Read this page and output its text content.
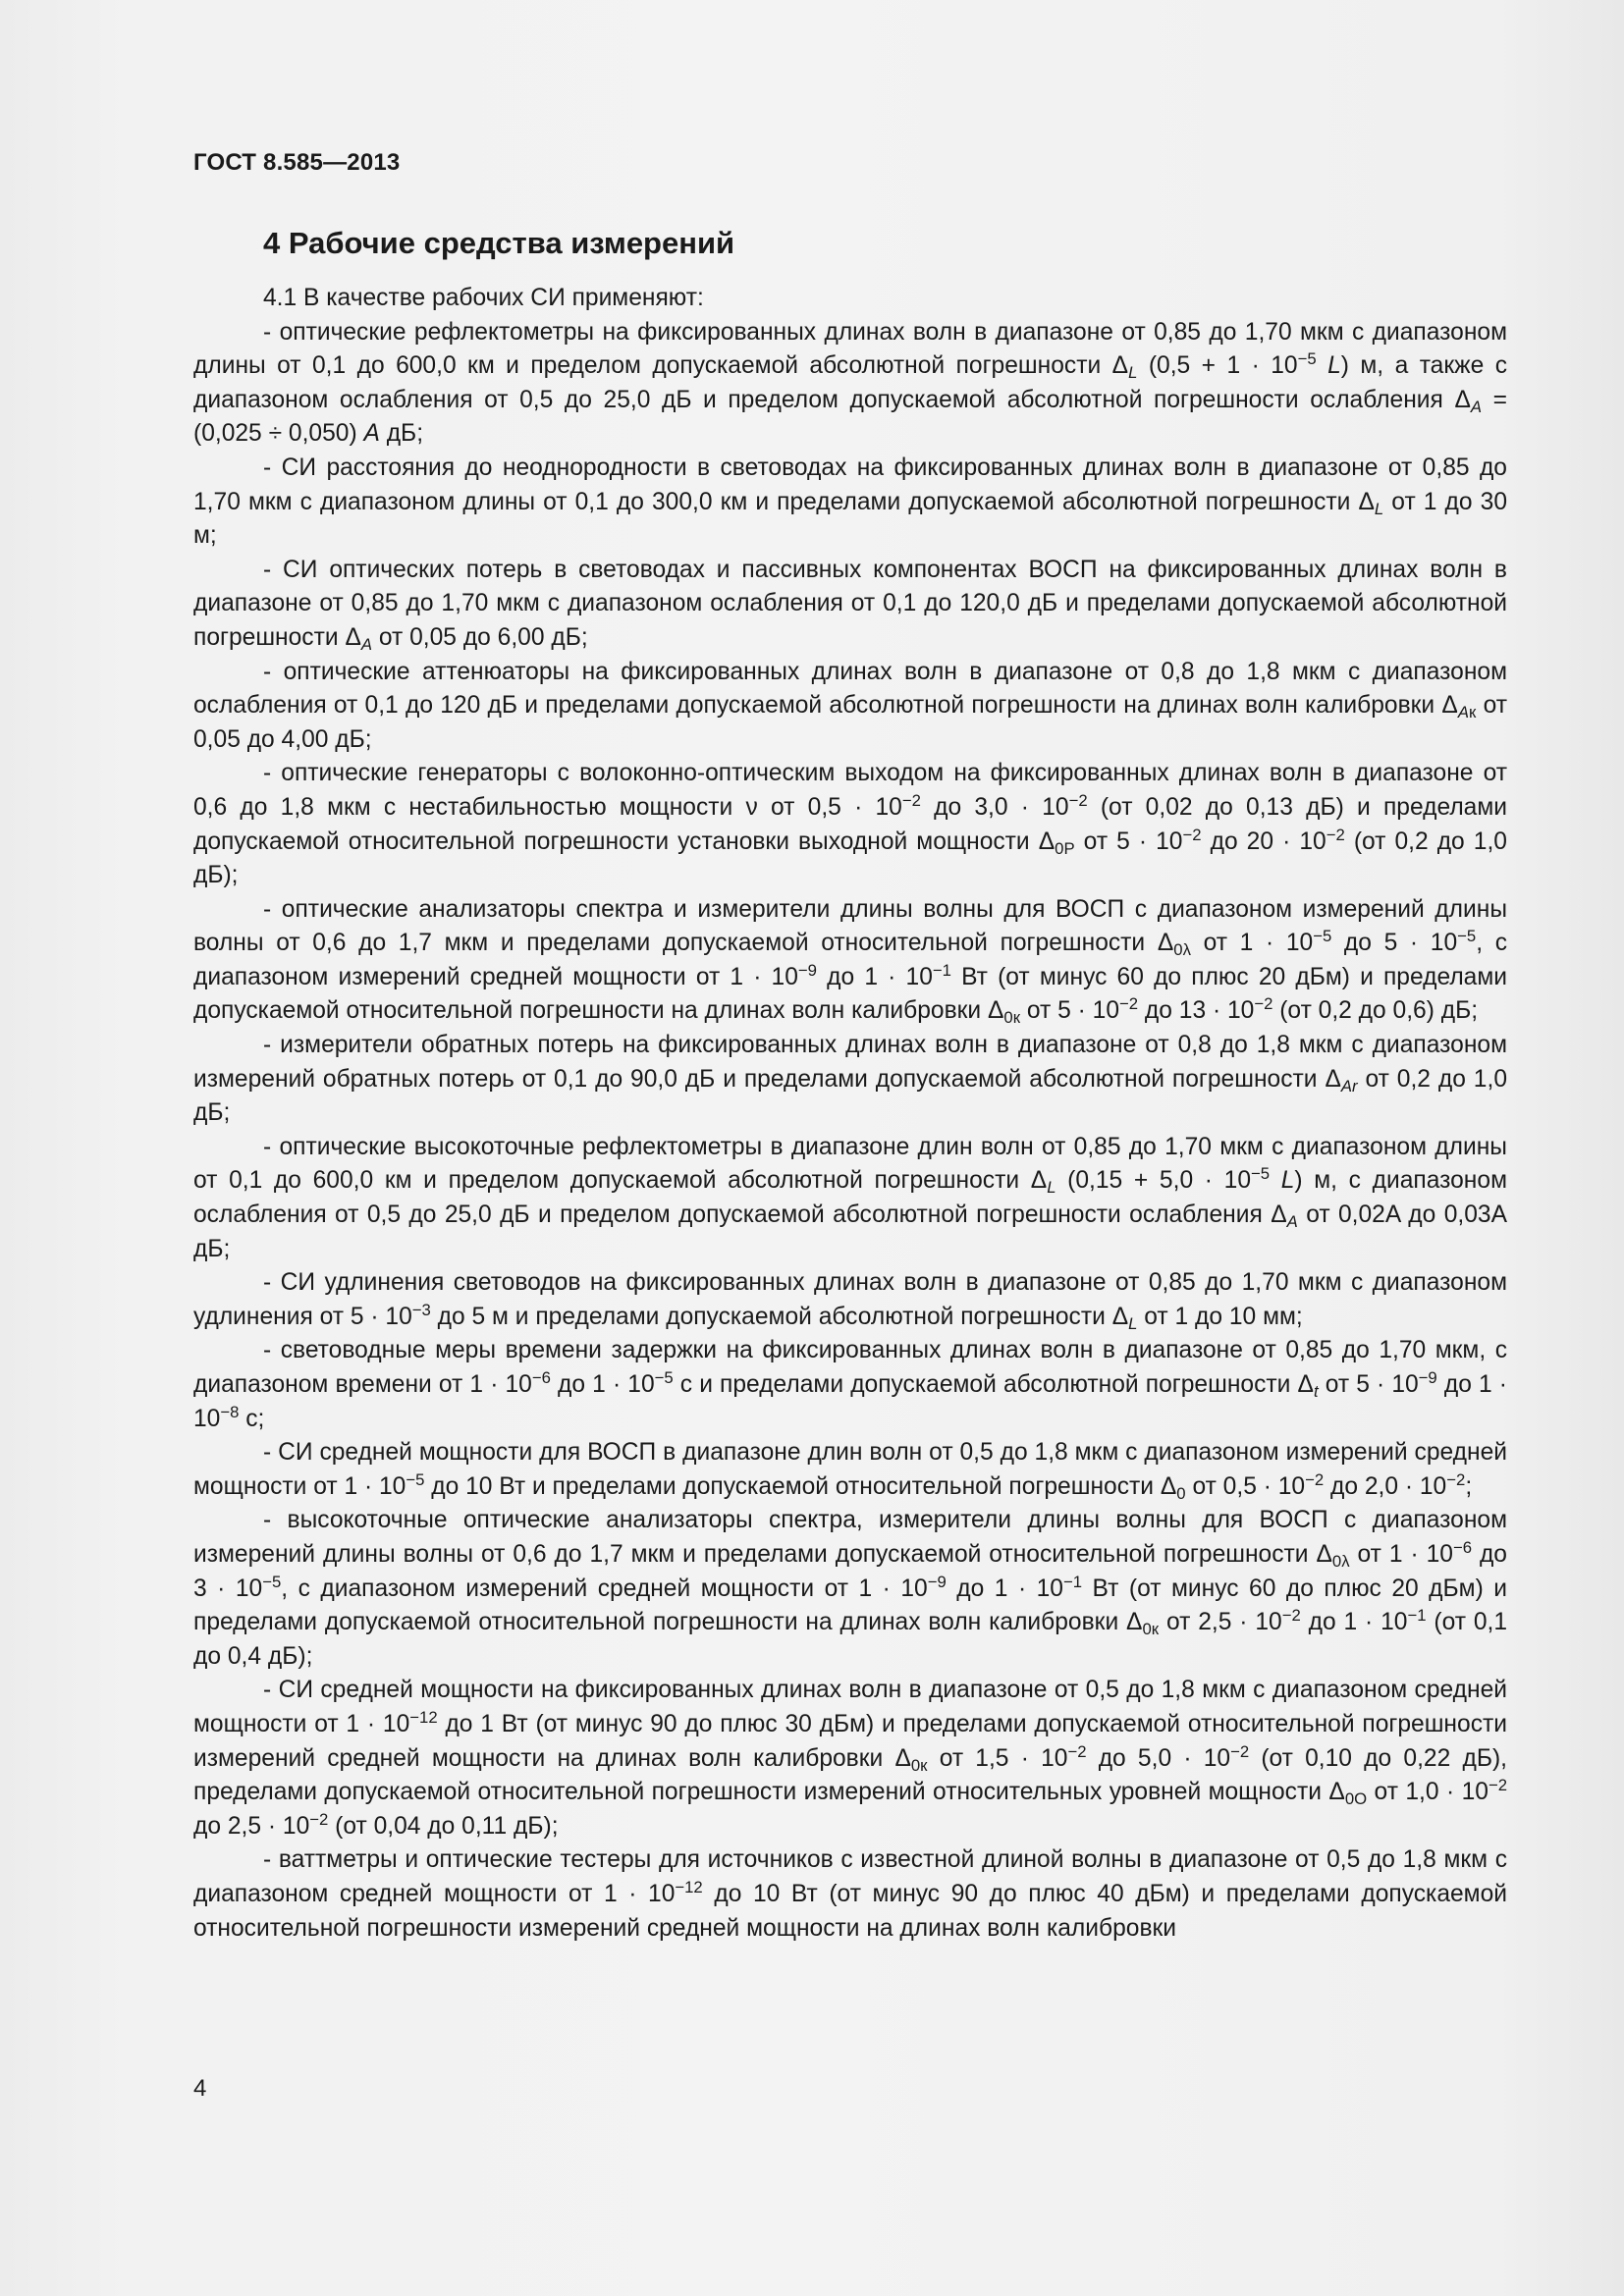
ГОСТ 8.585—2013
4 Рабочие средства измерений

4.1 В качестве рабочих СИ применяют:

- оптические рефлектометры на фиксированных длинах волн в диапазоне от 0,85 до 1,70 мкм с диапазоном длины от 0,1 до 600,0 км и пределом допускаемой абсолютной погрешности $\Delta_L$ ($0,5 + 1 \cdot 10^{-5}$ L) м, а также с диапазоном ослабления от 0,5 до 25,0 дБ и пределом допускаемой абсолютной погрешности ослабления $\Delta_A = (0,025 \div 0,050)$ A дБ;

- СИ расстояния до неоднородности в световодах на фиксированных длинах волн в диапазоне от 0,85 до 1,70 мкм с диапазоном длины от 0,1 до 300,0 км и пределами допускаемой абсолютной погрешности $\Delta_L$ от 1 до 30 м;

- СИ оптических потерь в световодах и пассивных компонентах ВОСП на фиксированных длинах волн в диапазоне от 0,85 до 1,70 мкм с диапазоном ослабления от 0,1 до 120,0 дБ и пределами допускаемой абсолютной погрешности $\Delta_A$ от 0,05 до 6,00 дБ;

- оптические аттенюаторы на фиксированных длинах волн в диапазоне от 0,8 до 1,8 мкм с диапазоном ослабления от 0,1 до 120 дБ и пределами допускаемой абсолютной погрешности на длинах волн калибровки $\Delta_{Aк}$ от 0,05 до 4,00 дБ;

- оптические генераторы с волоконно-оптическим выходом на фиксированных длинах волн в диапазоне от 0,6 до 1,8 мкм с нестабильностью мощности ν от $0,5 \cdot 10^{-2}$ до $3,0 \cdot 10^{-2}$ (от 0,02 до 0,13 дБ) и пределами допускаемой относительной погрешности установки выходной мощности $\Delta_{0P}$ от $5 \cdot 10^{-2}$ до $20 \cdot 10^{-2}$ (от 0,2 до 1,0 дБ);

- оптические анализаторы спектра и измерители длины волны для ВОСП с диапазоном измерений длины волны от 0,6 до 1,7 мкм и пределами допускаемой относительной погрешности $\Delta_{0\lambda}$ от $1 \cdot 10^{-5}$ до $5 \cdot 10^{-5}$, с диапазоном измерений средней мощности от $1 \cdot 10^{-9}$ до $1 \cdot 10^{-1}$ Вт (от минус 60 до плюс 20 дБм) и пределами допускаемой относительной погрешности на длинах волн калибровки $\Delta_{0к}$ от $5 \cdot 10^{-2}$ до $13 \cdot 10^{-2}$ (от 0,2 до 0,6) дБ;

- измерители обратных потерь на фиксированных длинах волн в диапазоне от 0,8 до 1,8 мкм с диапазоном измерений обратных потерь от 0,1 до 90,0 дБ и пределами допускаемой абсолютной погрешности $\Delta_{Ar}$ от 0,2 до 1,0 дБ;

- оптические высокоточные рефлектометры в диапазоне длин волн от 0,85 до 1,70 мкм с диапазоном длины от 0,1 до 600,0 км и пределом допускаемой абсолютной погрешности $\Delta_L$ ($0,15 + 5,0 \cdot 10^{-5}$ L) м, с диапазоном ослабления от 0,5 до 25,0 дБ и пределом допускаемой абсолютной погрешности ослабления $\Delta_A$ от 0,02A до 0,03A дБ;

- СИ удлинения световодов на фиксированных длинах волн в диапазоне от 0,85 до 1,70 мкм с диапазоном удлинения от $5 \cdot 10^{-3}$ до 5 м и пределами допускаемой абсолютной погрешности $\Delta_L$ от 1 до 10 мм;

- световодные меры времени задержки на фиксированных длинах волн в диапазоне от 0,85 до 1,70 мкм, с диапазоном времени от $1 \cdot 10^{-6}$ до $1 \cdot 10^{-5}$ с и пределами допускаемой абсолютной погрешности $\Delta_t$ от $5 \cdot 10^{-9}$ до $1 \cdot 10^{-8}$ с;

- СИ средней мощности для ВОСП в диапазоне длин волн от 0,5 до 1,8 мкм с диапазоном измерений средней мощности от $1 \cdot 10^{-5}$ до 10 Вт и пределами допускаемой относительной погрешности $\Delta_0$ от $0,5 \cdot 10^{-2}$ до $2,0 \cdot 10^{-2}$;

- высокоточные оптические анализаторы спектра, измерители длины волны для ВОСП с диапазоном измерений длины волны от 0,6 до 1,7 мкм и пределами допускаемой относительной погрешности $\Delta_{0\lambda}$ от $1 \cdot 10^{-6}$ до $3 \cdot 10^{-5}$, с диапазоном измерений средней мощности от $1 \cdot 10^{-9}$ до $1 \cdot 10^{-1}$ Вт (от минус 60 до плюс 20 дБм) и пределами допускаемой относительной погрешности на длинах волн калибровки $\Delta_{0к}$ от $2,5 \cdot 10^{-2}$ до $1 \cdot 10^{-1}$ (от 0,1 до 0,4 дБ);

- СИ средней мощности на фиксированных длинах волн в диапазоне от 0,5 до 1,8 мкм с диапазоном средней мощности от $1 \cdot 10^{-12}$ до 1 Вт (от минус 90 до плюс 30 дБм) и пределами допускаемой относительной погрешности измерений средней мощности на длинах волн калибровки $\Delta_{0к}$ от $1,5 \cdot 10^{-2}$ до $5,0 \cdot 10^{-2}$ (от 0,10 до 0,22 дБ), пределами допускаемой относительной погрешности измерений относительных уровней мощности $\Delta_{0O}$ от $1,0 \cdot 10^{-2}$ до $2,5 \cdot 10^{-2}$ (от 0,04 до 0,11 дБ);

- ваттметры и оптические тестеры для источников с известной длиной волны в диапазоне от 0,5 до 1,8 мкм с диапазоном средней мощности от $1 \cdot 10^{-12}$ до 10 Вт (от минус 90 до плюс 40 дБм) и пределами допускаемой относительной погрешности измерений средней мощности на длинах волн калибровки

4
